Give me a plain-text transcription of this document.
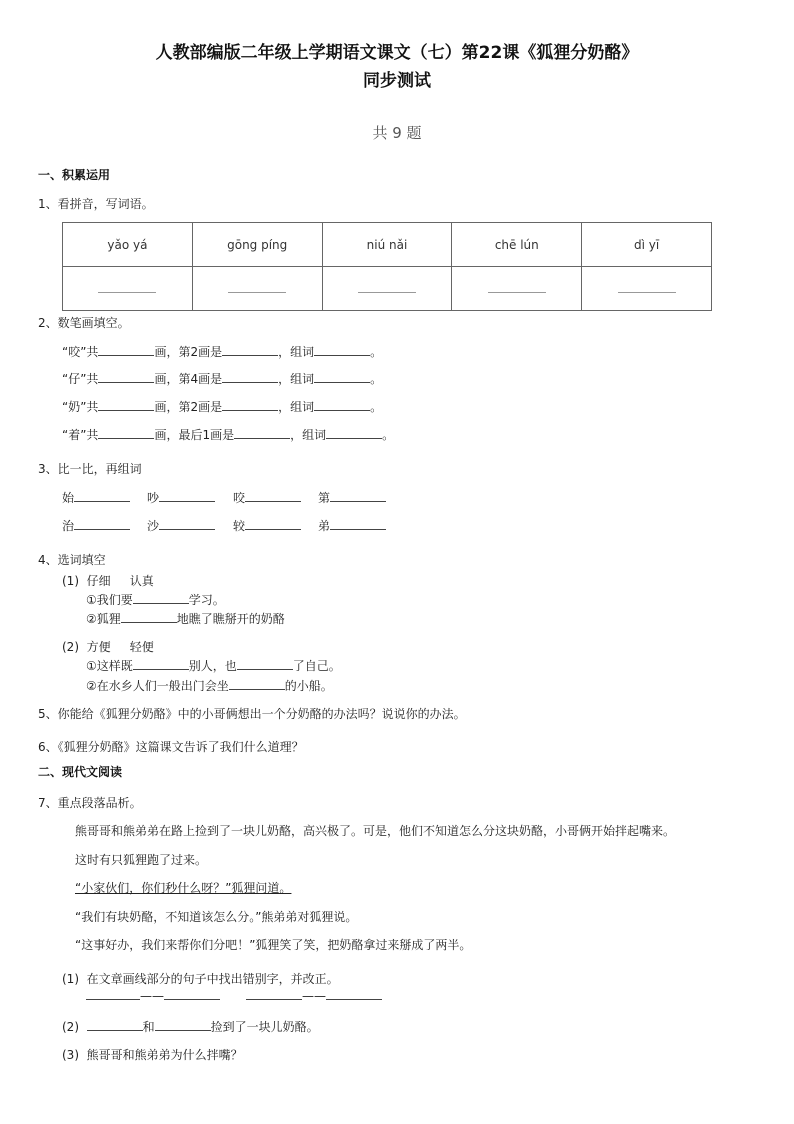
人教部编版二年级上学期语文课文（七）第22课《狐狸分奶酪》
同步测试
共 9 题
一、积累运用
1、看拼音，写词语。
yǎo yá	gōng píng	niú nǎi	chē lún	dì yī

2、数笔画填空。
“咬”共	画，第2画是	，组词	。
“仔”共	画，第4画是	，组词	。
“奶”共	画，第2画是	，组词	。
“着”共	画，最后1画是	，组词	。
3、比一比，再组词
始	吵	咬	第
治	沙	较	弟
4、选词填空
(1) 仔细     认真
①我们要	学习。
②狐狸	地瞧了瞧掰开的奶酪
(2) 方便     轻便
①这样既	别人，也	了自己。
②在水乡人们一般出门会坐	的小船。
5、你能给《狐狸分奶酪》中的小哥俩想出一个分奶酪的办法吗？说说你的办法。
6、《狐狸分奶酪》这篇课文告诉了我们什么道理？
二、现代文阅读
7、重点段落品析。
熊哥哥和熊弟弟在路上捡到了一块儿奶酪，高兴极了。可是，他们不知道怎么分这块奶酪，小哥俩开始拌起嘴来。
这时有只狐狸跑了过来。
“小家伙们，你们秒什么呀？”狐狸问道。
“我们有块奶酪，不知道该怎么分。”熊弟弟对狐狸说。
“这事好办，我们来帮你们分吧！”狐狸笑了笑，把奶酪拿过来掰成了两半。
(1) 在文章画线部分的句子中找出错别字，并改正。
——	——
(2)	和	捡到了一块儿奶酪。
(3) 熊哥哥和熊弟弟为什么拌嘴？
